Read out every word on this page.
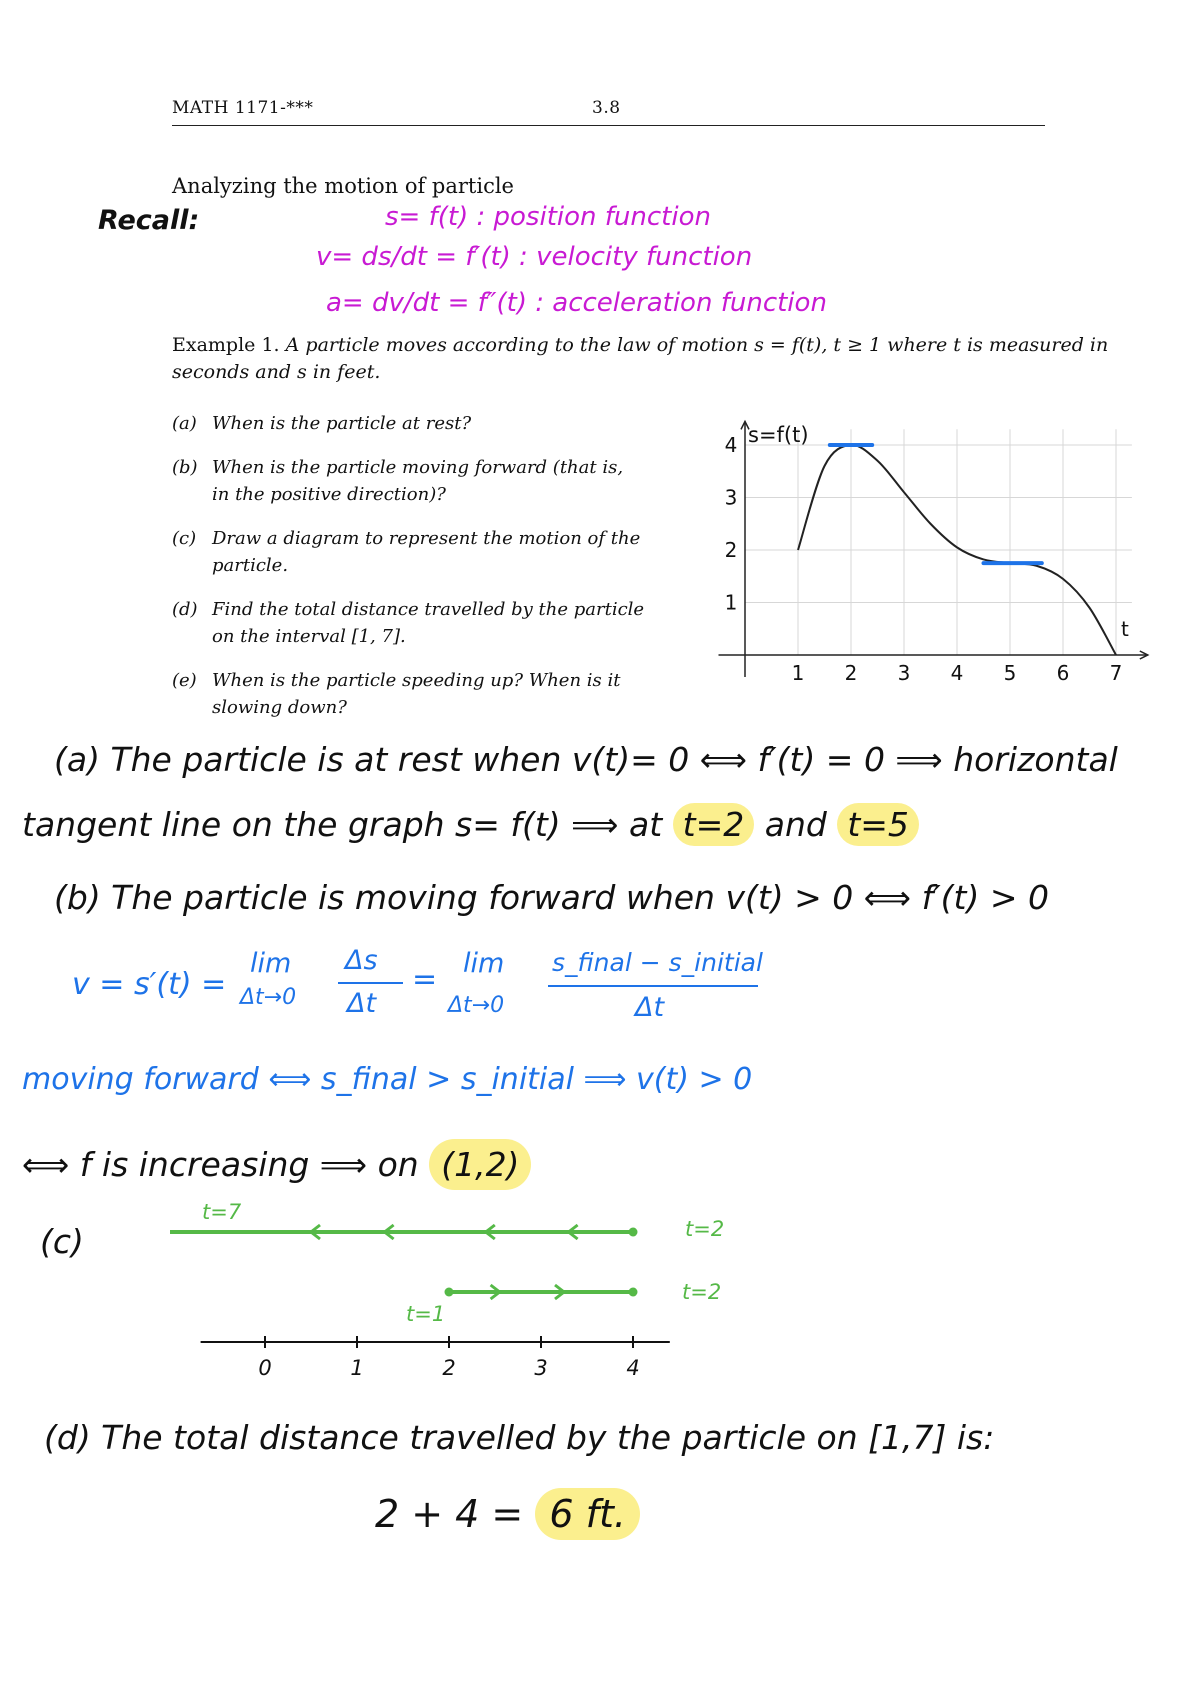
MATH 1171-***	3.8
Analyzing the motion of particle
Recall:	s= f(t) : position function
v= ds/dt = f′(t) : velocity function
a= dv/dt = f″(t) : acceleration function
Example 1. A particle moves according to the law of motion s = f(t), t ≥ 1 where t is measured in
seconds and s in feet.
(a) When is the particle at rest?
(b) When is the particle moving forward (that is,
in the positive direction)?
(c) Draw a diagram to represent the motion of the
particle.
(d) Find the total distance travelled by the particle
on the interval [1, 7].
(e) When is the particle speeding up? When is it
slowing down?
1 2 3 4 5 6 7
1
2
3
4 s=f(t)
t
(a) The particle is at rest when v(t)= 0 ⟺ f′(t) = 0 ⟹ horizontal
tangent line on the graph s= f(t) ⟹ at t=2 and t=5
(b) The particle is moving forward when v(t) > 0 ⟺ f′(t) > 0
v = s′(t) =
lim
Δt→0
Δs
Δt
= lim
Δt→0
s_final − s_initial
Δt
moving forward ⟺ s_final > s_initial ⟹ v(t) > 0
⟺ f is increasing ⟹ on (1,2)
(c)
0	1	2	3	4
t=7
t=2
t=1
t=2
(d) The total distance travelled by the particle on [1,7] is:
2 + 4 = 6 ft.
